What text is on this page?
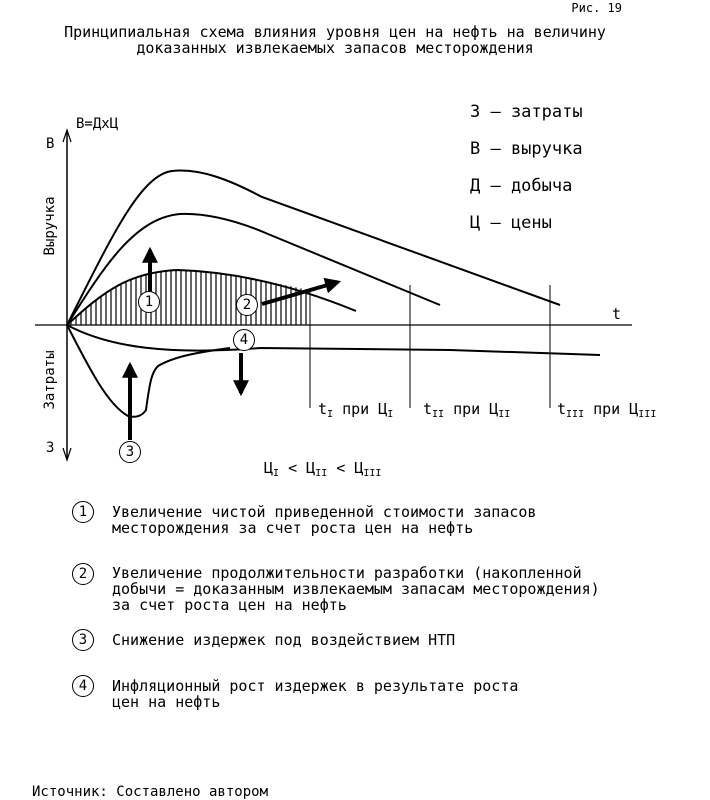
Рис. 19
Принципиальная схема влияния уровня цен на нефть на величину
доказанных извлекаемых запасов месторождения
В=ДхЦ
В
З
t
Выручка
Затраты
З – затраты
В – выручка
Д – добыча
Ц – цены
1	2
3
4
$t_I$ при $Ц_I$ $t_{II}$ при $Ц_{II}$	$t_{III}$ при $Ц_{III}$
$Ц_I < Ц_{II} < Ц_{III}$
1	Увеличение чистой приведенной стоимости запасов
месторождения за счет роста цен на нефть
2	Увеличение продолжительности разработки (накопленной
добычи = доказанным извлекаемым запасам месторождения)
за счет роста цен на нефть
3	Снижение издержек под воздействием НТП
4	Инфляционный рост издержек в результате роста
цен на нефть
Источник: Составлено автором
